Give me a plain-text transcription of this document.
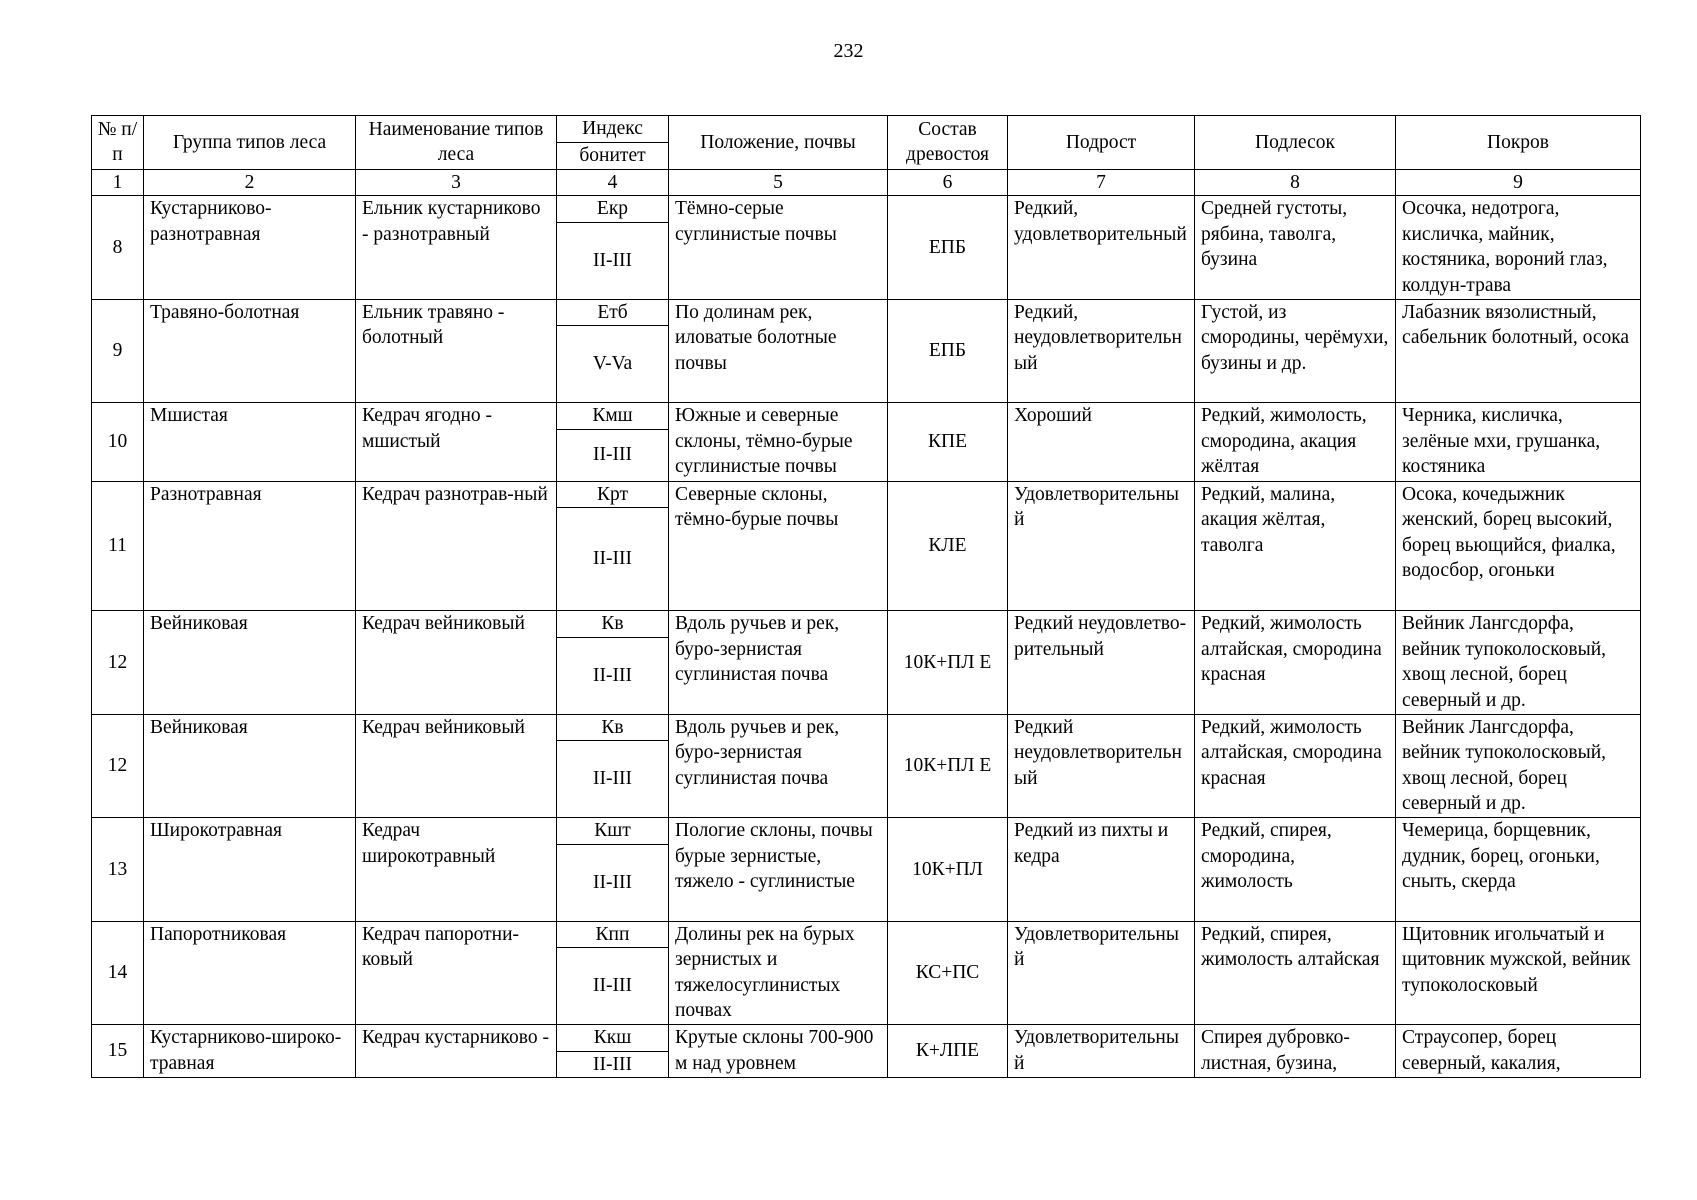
232
№ п/п	Группа типов леса	Наименование типов леса	Индекс	Положение, почвы	Состав древостоя	Подрост	Подлесок	Покров
			бонитет					
1	2	3	4	5	6	7	8	9
8	Кустарниково-разнотравная	Ельник кустарниково - разнотравный	Екр	Тёмно-серые суглинистые почвы	ЕПБ	Редкий, удовлетворительный	Средней густоты, рябина, таволга, бузина	Осочка, недотрога, кисличка, майник, костяника, вороний глаз, колдун-трава
			II-III					
9	Травяно-болотная	Ельник травяно - болотный	Етб	По долинам рек, иловатые болотные почвы	ЕПБ	Редкий, неудовлетворительный	Густой, из смородины, черёмухи, бузины и др.	Лабазник вязолистный, сабельник болотный, осока
			V-Va					
10	Мшистая	Кедрач ягодно - мшистый	Кмш	Южные и северные склоны, тёмно-бурые суглинистые почвы	КПЕ	Хороший	Редкий, жимолость, смородина, акация жёлтая	Черника, кисличка, зелёные мхи, грушанка, костяника
			II-III					
11	Разнотравная	Кедрач разнотрав-ный	Крт	Северные склоны, тёмно-бурые почвы	КЛЕ	Удовлетворительный	Редкий, малина, акация жёлтая, таволга	Осока, кочедыжник женский, борец высокий, борец вьющийся, фиалка, водосбор, огоньки
			II-III					
12	Вейниковая	Кедрач вейниковый	Кв	Вдоль ручьев и рек, буро-зернистая суглинистая почва	10К+ПЛ Е	Редкий неудовлетво-рительный	Редкий, жимолость алтайская, смородина красная	Вейник Лангсдорфа, вейник тупоколосковый, хвощ лесной, борец северный и др.
			II-III					
12	Вейниковая	Кедрач вейниковый	Кв	Вдоль ручьев и рек, буро-зернистая суглинистая почва	10К+ПЛ Е	Редкий неудовлетворительный	Редкий, жимолость алтайская, смородина красная	Вейник Лангсдорфа, вейник тупоколосковый, хвощ лесной, борец северный и др.
			II-III					
13	Широкотравная	Кедрач широкотравный	Кшт	Пологие склоны, почвы бурые зернистые, тяжело - суглинистые	10К+ПЛ	Редкий из пихты и кедра	Редкий, спирея, смородина, жимолость	Чемерица, борщевник, дудник, борец, огоньки, сныть, скерда
			II-III					
14	Папоротниковая	Кедрач папоротни-ковый	Кпп	Долины рек на бурых зернистых и тяжелосуглинистых почвах	КС+ПС	Удовлетворительный	Редкий, спирея, жимолость алтайская	Щитовник игольчатый и щитовник мужской, вейник тупоколосковый
			II-III					
15	Кустарниково-широко-травная	Кедрач кустарниково -	Ккш	Крутые склоны 700-900 м над уровнем	К+ЛПЕ	Удовлетворительный	Спирея дубровко-листная, бузина,	Страусопер, борец северный, какалия,
			II-III					
